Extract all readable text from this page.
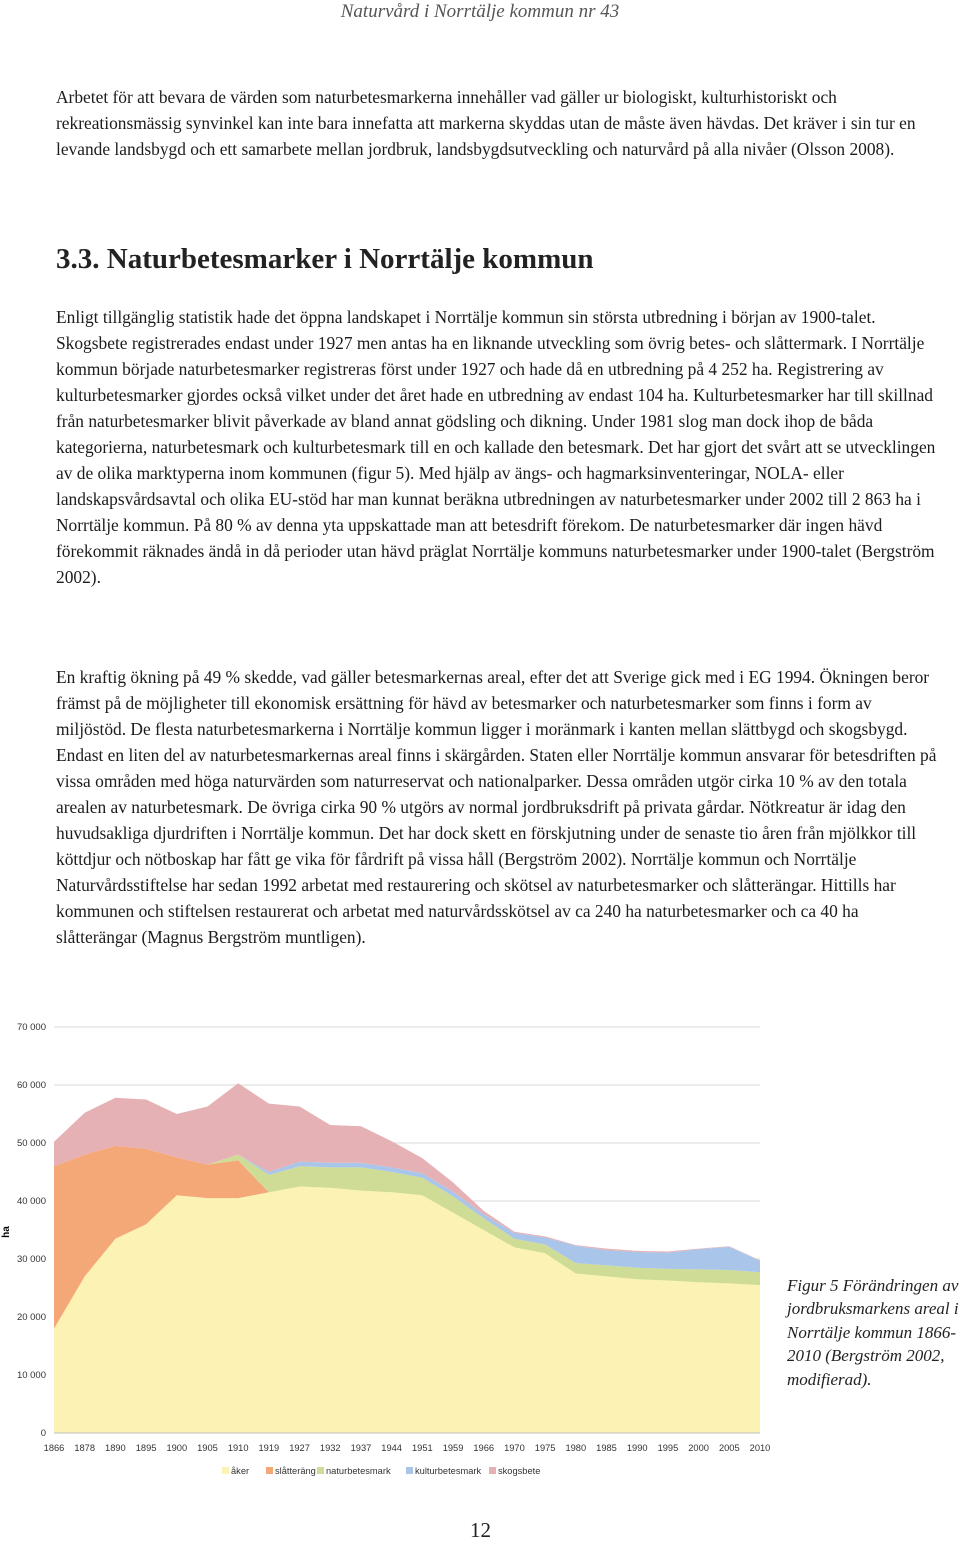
Naturvård i Norrtälje kommun nr 43

Arbetet för att bevara de värden som naturbetesmarkerna innehåller vad gäller ur biologiskt, kulturhistoriskt och rekreationsmässig synvinkel kan inte bara innefatta att markerna skyddas utan de måste även hävdas. Det kräver i sin tur en levande landsbygd och ett samarbete mellan jordbruk, landsbygdsutveckling och naturvård på alla nivåer (Olsson 2008).

3.3. Naturbetesmarker i Norrtälje kommun

Enligt tillgänglig statistik hade det öppna landskapet i Norrtälje kommun sin största utbredning i början av 1900-talet. Skogsbete registrerades endast under 1927 men antas ha en liknande utveckling som övrig betes- och slåttermark. I Norrtälje kommun började naturbetesmarker registreras först under 1927 och hade då en utbredning på 4 252 ha. Registrering av kulturbetesmarker gjordes också vilket under det året hade en utbredning av endast 104 ha. Kulturbetesmarker har till skillnad från naturbetesmarker blivit påverkade av bland annat gödsling och dikning. Under 1981 slog man dock ihop de båda kategorierna, naturbetesmark och kulturbetesmark till en och kallade den betesmark. Det har gjort det svårt att se utvecklingen av de olika marktyperna inom kommunen (figur 5). Med hjälp av ängs- och hagmarksinventeringar, NOLA- eller landskapsvårdsavtal och olika EU-stöd har man kunnat beräkna utbredningen av naturbetesmarker under 2002 till 2 863 ha i Norrtälje kommun. På 80 % av denna yta uppskattade man att betesdrift förekom. De naturbetesmarker där ingen hävd förekommit räknades ändå in då perioder utan hävd präglat Norrtälje kommuns naturbetesmarker under 1900-talet (Bergström 2002).

En kraftig ökning på 49 % skedde, vad gäller betesmarkernas areal, efter det att Sverige gick med i EG 1994. Ökningen beror främst på de möjligheter till ekonomisk ersättning för hävd av betesmarker och naturbetesmarker som finns i form av miljöstöd. De flesta naturbetesmarkerna i Norrtälje kommun ligger i moränmark i kanten mellan slättbygd och skogsbygd. Endast en liten del av naturbetesmarkernas areal finns i skärgården. Staten eller Norrtälje kommun ansvarar för betesdriften på vissa områden med höga naturvärden som naturreservat och nationalparker. Dessa områden utgör cirka 10 % av den totala arealen av naturbetesmark. De övriga cirka 90 % utgörs av normal jordbruksdrift på privata gårdar. Nötkreatur är idag den huvudsakliga djurdriften i Norrtälje kommun. Det har dock skett en förskjutning under de senaste tio åren från mjölkkor till köttdjur och nötboskap har fått ge vika för fårdrift på vissa håll (Bergström 2002). Norrtälje kommun och Norrtälje Naturvårdsstiftelse har sedan 1992 arbetat med restaurering och skötsel av naturbetesmarker och slåtterängar. Hittills har kommunen och stiftelsen restaurerat och arbetat med naturvårdsskötsel av ca 240 ha naturbetesmarker och ca 40 ha slåtterängar (Magnus Bergström muntligen).

ha
0
10 000
20 000
30 000
40 000
50 000
60 000
70 000
1866 1878 1890 1895 1900 1905 1910 1919 1927 1932 1937 1944 1951 1959 1966 1970 1975 1980 1985 1990 1995 2000 2005 2010
åker	slåtteräng naturbetesmark	kulturbetesmark skogsbete
Figur 5 Förändringen av jordbruksmarkens areal i Norrtälje kommun 1866-2010 (Bergström 2002, modifierad).
12
